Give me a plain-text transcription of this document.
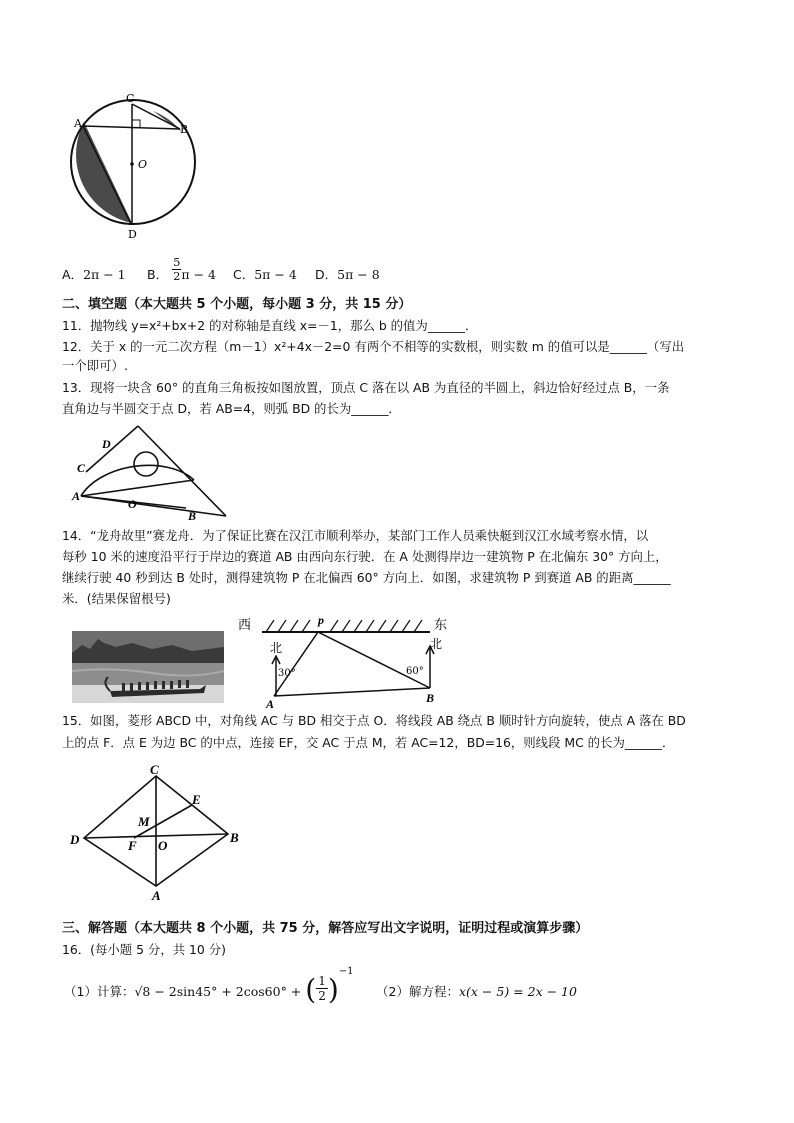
C
A	B
O
D
A．2π − 1 B． $\frac{5}{2}$ π − 4 C．5π − 4 D．5π − 8
二、填空题（本大题共 5 个小题，每小题 3 分，共 15 分）
11．抛物线 y=x²+bx+2 的对称轴是直线 x=－1，那么 b 的值为______．
12．关于 x 的一元二次方程（m－1）x²+4x－2=0 有两个不相等的实数根，则实数 m 的值可以是______（写出
一个即可）.
13．现将一块含 60° 的直角三角板按如图放置，顶点 C 落在以 AB 为直径的半圆上，斜边恰好经过点 B，一条
直角边与半圆交于点 D，若 AB=4，则弧 BD 的长为______．
D
C
A
O
B
14．“龙舟故里”赛龙舟．为了保证比赛在汉江市顺利举办，某部门工作人员乘快艇到汉江水域考察水情，以
每秒 10 米的速度沿平行于岸边的赛道 AB 由西向东行驶．在 A 处测得岸边一建筑物 P 在北偏东 30° 方向上，
继续行驶 40 秒到达 B 处时，测得建筑物 P 在北偏西 60° 方向上．如图，求建筑物 P 到赛道 AB 的距离______
米．(结果保留根号)
西	东
p
北	北
30°	60°
A	B
15．如图，菱形 ABCD 中，对角线 AC 与 BD 相交于点 O．将线段 AB 绕点 B 顺时针方向旋转，使点 A 落在 BD
上的点 F．点 E 为边 BC 的中点，连接 EF，交 AC 于点 M，若 AC=12，BD=16，则线段 MC 的长为______．
C
E
M
D	F O
B
A
三、解答题（本大题共 8 个小题，共 75 分，解答应写出文字说明，证明过程或演算步骤）
16．(每小题 5 分，共 10 分)
（1）计算：√8 − 2sin45° + 2cos60° + ( $\frac{1}{2} )^{-1}$
（2）解方程：x(x − 5) = 2x − 10
